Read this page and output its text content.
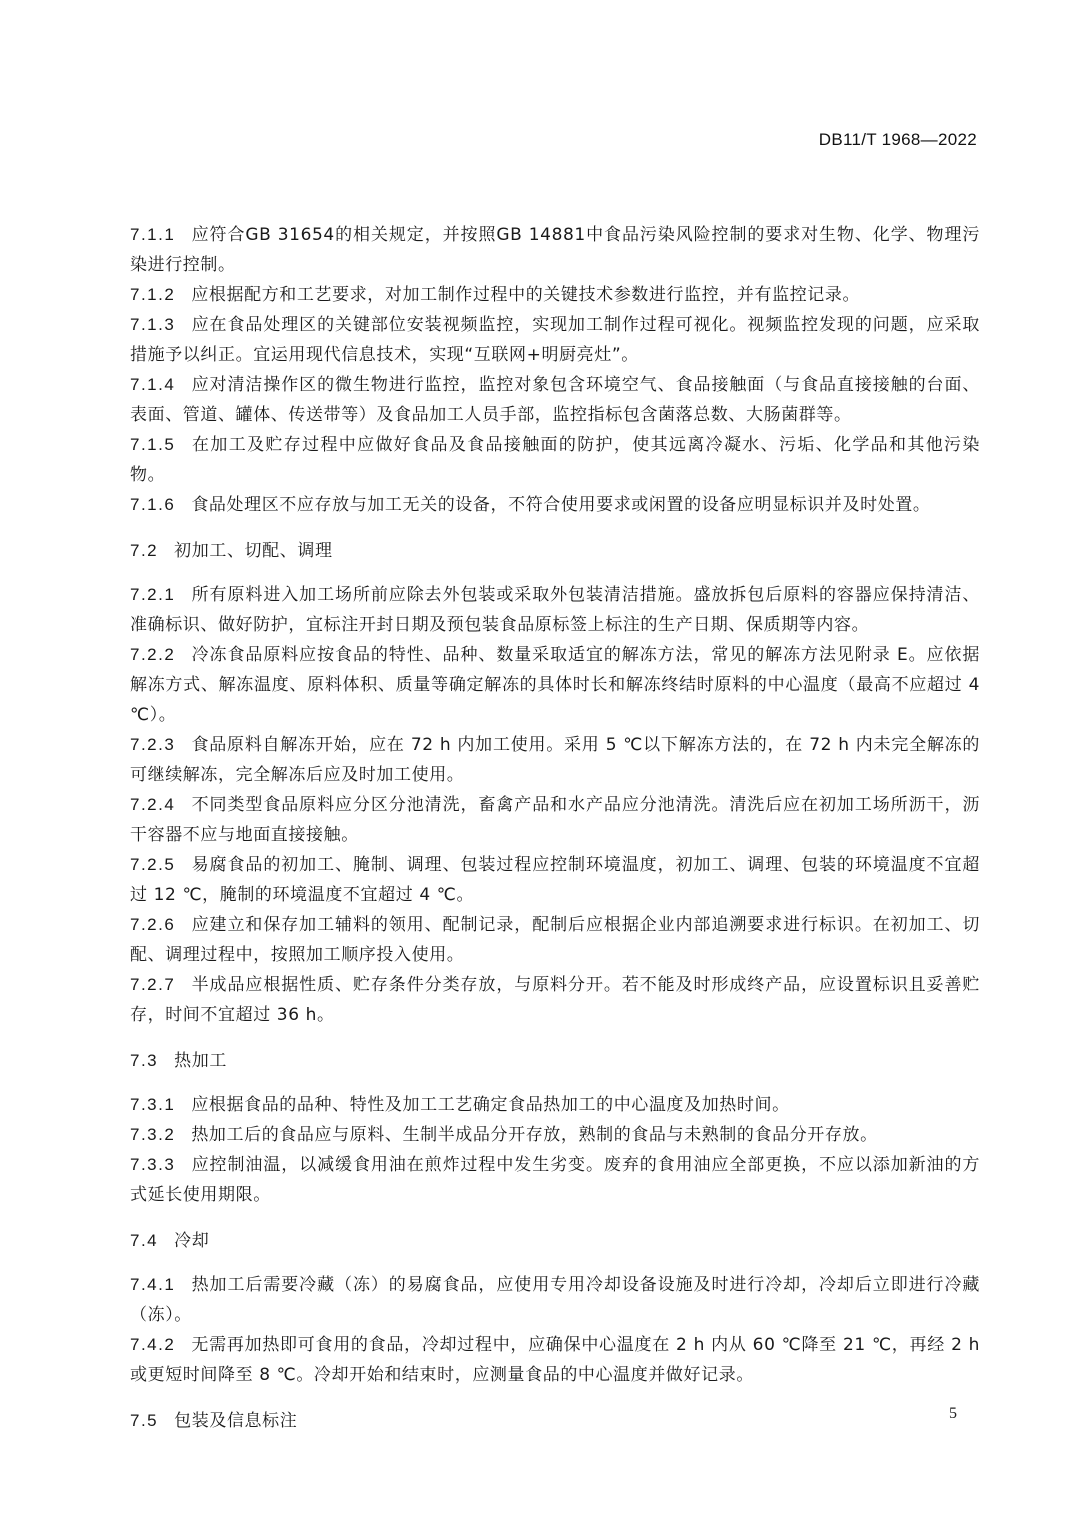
DB11/T 1968—2022

7.1.1 应符合GB 31654的相关规定，并按照GB 14881中食品污染风险控制的要求对生物、化学、物理污染进行控制。

7.1.2 应根据配方和工艺要求，对加工制作过程中的关键技术参数进行监控，并有监控记录。

7.1.3 应在食品处理区的关键部位安装视频监控，实现加工制作过程可视化。视频监控发现的问题，应采取措施予以纠正。宜运用现代信息技术，实现“互联网+明厨亮灶”。

7.1.4 应对清洁操作区的微生物进行监控，监控对象包含环境空气、食品接触面（与食品直接接触的台面、表面、管道、罐体、传送带等）及食品加工人员手部，监控指标包含菌落总数、大肠菌群等。

7.1.5 在加工及贮存过程中应做好食品及食品接触面的防护，使其远离冷凝水、污垢、化学品和其他污染物。

7.1.6 食品处理区不应存放与加工无关的设备，不符合使用要求或闲置的设备应明显标识并及时处置。

7.2 初加工、切配、调理

7.2.1 所有原料进入加工场所前应除去外包装或采取外包装清洁措施。盛放拆包后原料的容器应保持清洁、准确标识、做好防护，宜标注开封日期及预包装食品原标签上标注的生产日期、保质期等内容。

7.2.2 冷冻食品原料应按食品的特性、品种、数量采取适宜的解冻方法，常见的解冻方法见附录 E。应依据解冻方式、解冻温度、原料体积、质量等确定解冻的具体时长和解冻终结时原料的中心温度（最高不应超过 4 ℃）。

7.2.3 食品原料自解冻开始，应在 72 h 内加工使用。采用 5 ℃以下解冻方法的，在 72 h 内未完全解冻的可继续解冻，完全解冻后应及时加工使用。

7.2.4 不同类型食品原料应分区分池清洗，畜禽产品和水产品应分池清洗。清洗后应在初加工场所沥干，沥干容器不应与地面直接接触。

7.2.5 易腐食品的初加工、腌制、调理、包装过程应控制环境温度，初加工、调理、包装的环境温度不宜超过 12 ℃，腌制的环境温度不宜超过 4 ℃。

7.2.6 应建立和保存加工辅料的领用、配制记录，配制后应根据企业内部追溯要求进行标识。在初加工、切配、调理过程中，按照加工顺序投入使用。

7.2.7 半成品应根据性质、贮存条件分类存放，与原料分开。若不能及时形成终产品，应设置标识且妥善贮存，时间不宜超过 36 h。

7.3 热加工

7.3.1 应根据食品的品种、特性及加工工艺确定食品热加工的中心温度及加热时间。

7.3.2 热加工后的食品应与原料、生制半成品分开存放，熟制的食品与未熟制的食品分开存放。

7.3.3 应控制油温，以减缓食用油在煎炸过程中发生劣变。废弃的食用油应全部更换，不应以添加新油的方式延长使用期限。

7.4 冷却

7.4.1 热加工后需要冷藏（冻）的易腐食品，应使用专用冷却设备设施及时进行冷却，冷却后立即进行冷藏（冻）。

7.4.2 无需再加热即可食用的食品，冷却过程中，应确保中心温度在 2 h 内从 60 ℃降至 21 ℃，再经 2 h 或更短时间降至 8 ℃。冷却开始和结束时，应测量食品的中心温度并做好记录。

7.5 包装及信息标注	5
